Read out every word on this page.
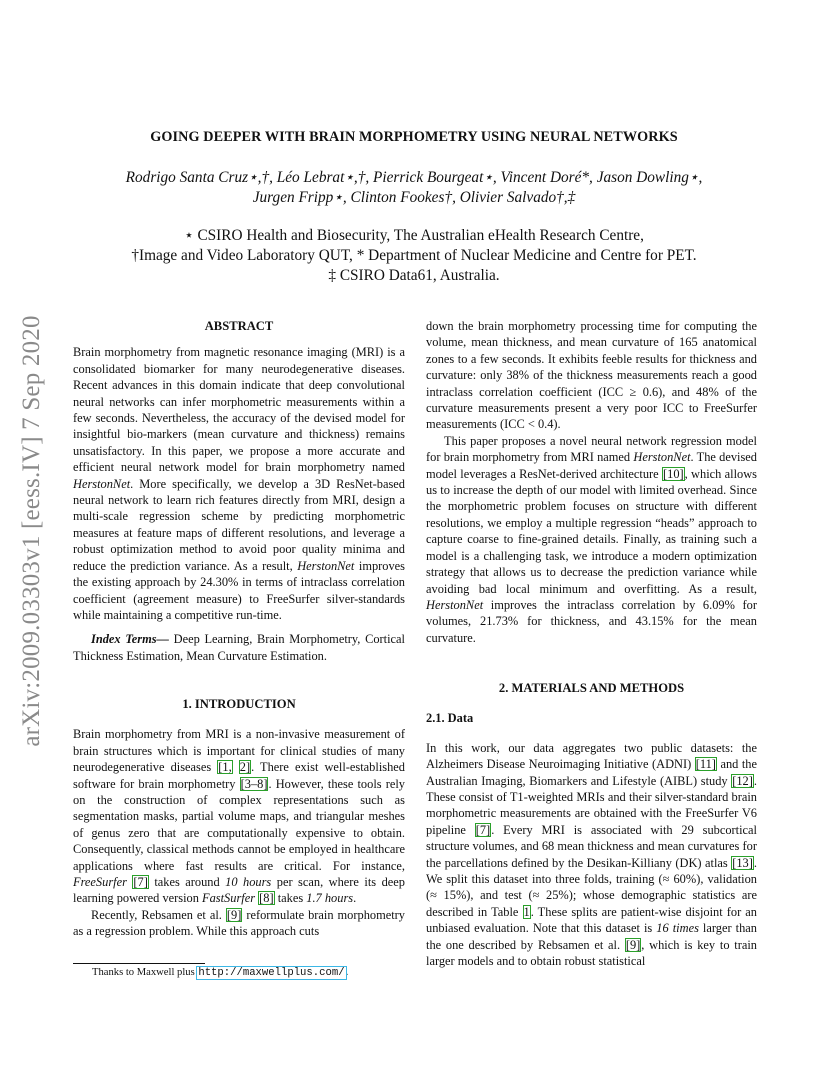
arXiv:2009.03303v1 [eess.IV] 7 Sep 2020
GOING DEEPER WITH BRAIN MORPHOMETRY USING NEURAL NETWORKS
Rodrigo Santa Cruz⋆,†, Léo Lebrat⋆,†, Pierrick Bourgeat⋆, Vincent Doré*, Jason Dowling⋆,
Jurgen Fripp⋆, Clinton Fookes†, Olivier Salvado†,‡
⋆ CSIRO Health and Biosecurity, The Australian eHealth Research Centre,
†Image and Video Laboratory QUT, * Department of Nuclear Medicine and Centre for PET.
‡ CSIRO Data61, Australia.
ABSTRACT

Brain morphometry from magnetic resonance imaging (MRI) is a consolidated biomarker for many neurodegenerative diseases. Recent advances in this domain indicate that deep convolutional neural networks can infer morphometric measurements within a few seconds. Nevertheless, the accuracy of the devised model for insightful bio-markers (mean curvature and thickness) remains unsatisfactory. In this paper, we propose a more accurate and efficient neural network model for brain morphometry named HerstonNet. More specifically, we develop a 3D ResNet-based neural network to learn rich features directly from MRI, design a multi-scale regression scheme by predicting morphometric measures at feature maps of different resolutions, and leverage a robust optimization method to avoid poor quality minima and reduce the prediction variance. As a result, HerstonNet improves the existing approach by 24.30% in terms of intraclass correlation coefficient (agreement measure) to FreeSurfer silver-standards while maintaining a competitive run-time.

Index Terms— Deep Learning, Brain Morphometry, Cortical Thickness Estimation, Mean Curvature Estimation.

1. INTRODUCTION

Brain morphometry from MRI is a non-invasive measurement of brain structures which is important for clinical studies of many neurodegenerative diseases [1, 2]. There exist well-established software for brain morphometry [3–8]. However, these tools rely on the construction of complex representations such as segmentation masks, partial volume maps, and triangular meshes of genus zero that are computationally expensive to obtain. Consequently, classical methods cannot be employed in healthcare applications where fast results are critical. For instance, FreeSurfer [7] takes around 10 hours per scan, where its deep learning powered version FastSurfer [8] takes 1.7 hours.

Recently, Rebsamen et al. [9] reformulate brain morphometry as a regression problem. While this approach cuts

Thanks to Maxwell plus http://maxwellplus.com/.

down the brain morphometry processing time for computing the volume, mean thickness, and mean curvature of 165 anatomical zones to a few seconds. It exhibits feeble results for thickness and curvature: only 38% of the thickness measurements reach a good intraclass correlation coefficient (ICC ≥ 0.6), and 48% of the curvature measurements present a very poor ICC to FreeSurfer measurements (ICC < 0.4).

This paper proposes a novel neural network regression model for brain morphometry from MRI named HerstonNet. The devised model leverages a ResNet-derived architecture [10], which allows us to increase the depth of our model with limited overhead. Since the morphometric problem focuses on structure with different resolutions, we employ a multiple regression “heads” approach to capture coarse to fine-grained details. Finally, as training such a model is a challenging task, we introduce a modern optimization strategy that allows us to decrease the prediction variance while avoiding bad local minimum and overfitting. As a result, HerstonNet improves the intraclass correlation by 6.09% for volumes, 21.73% for thickness, and 43.15% for the mean curvature.

2. MATERIALS AND METHODS
2.1. Data

In this work, our data aggregates two public datasets: the Alzheimers Disease Neuroimaging Initiative (ADNI) [11] and the Australian Imaging, Biomarkers and Lifestyle (AIBL) study [12]. These consist of T1-weighted MRIs and their silver-standard brain morphometric measurements are obtained with the FreeSurfer V6 pipeline [7]. Every MRI is associated with 29 subcortical structure volumes, and 68 mean thickness and mean curvatures for the parcellations defined by the Desikan-Killiany (DK) atlas [13]. We split this dataset into three folds, training (≈ 60%), validation (≈ 15%), and test (≈ 25%); whose demographic statistics are described in Table 1. These splits are patient-wise disjoint for an unbiased evaluation. Note that this dataset is 16 times larger than the one described by Rebsamen et al. [9], which is key to train larger models and to obtain robust statistical
